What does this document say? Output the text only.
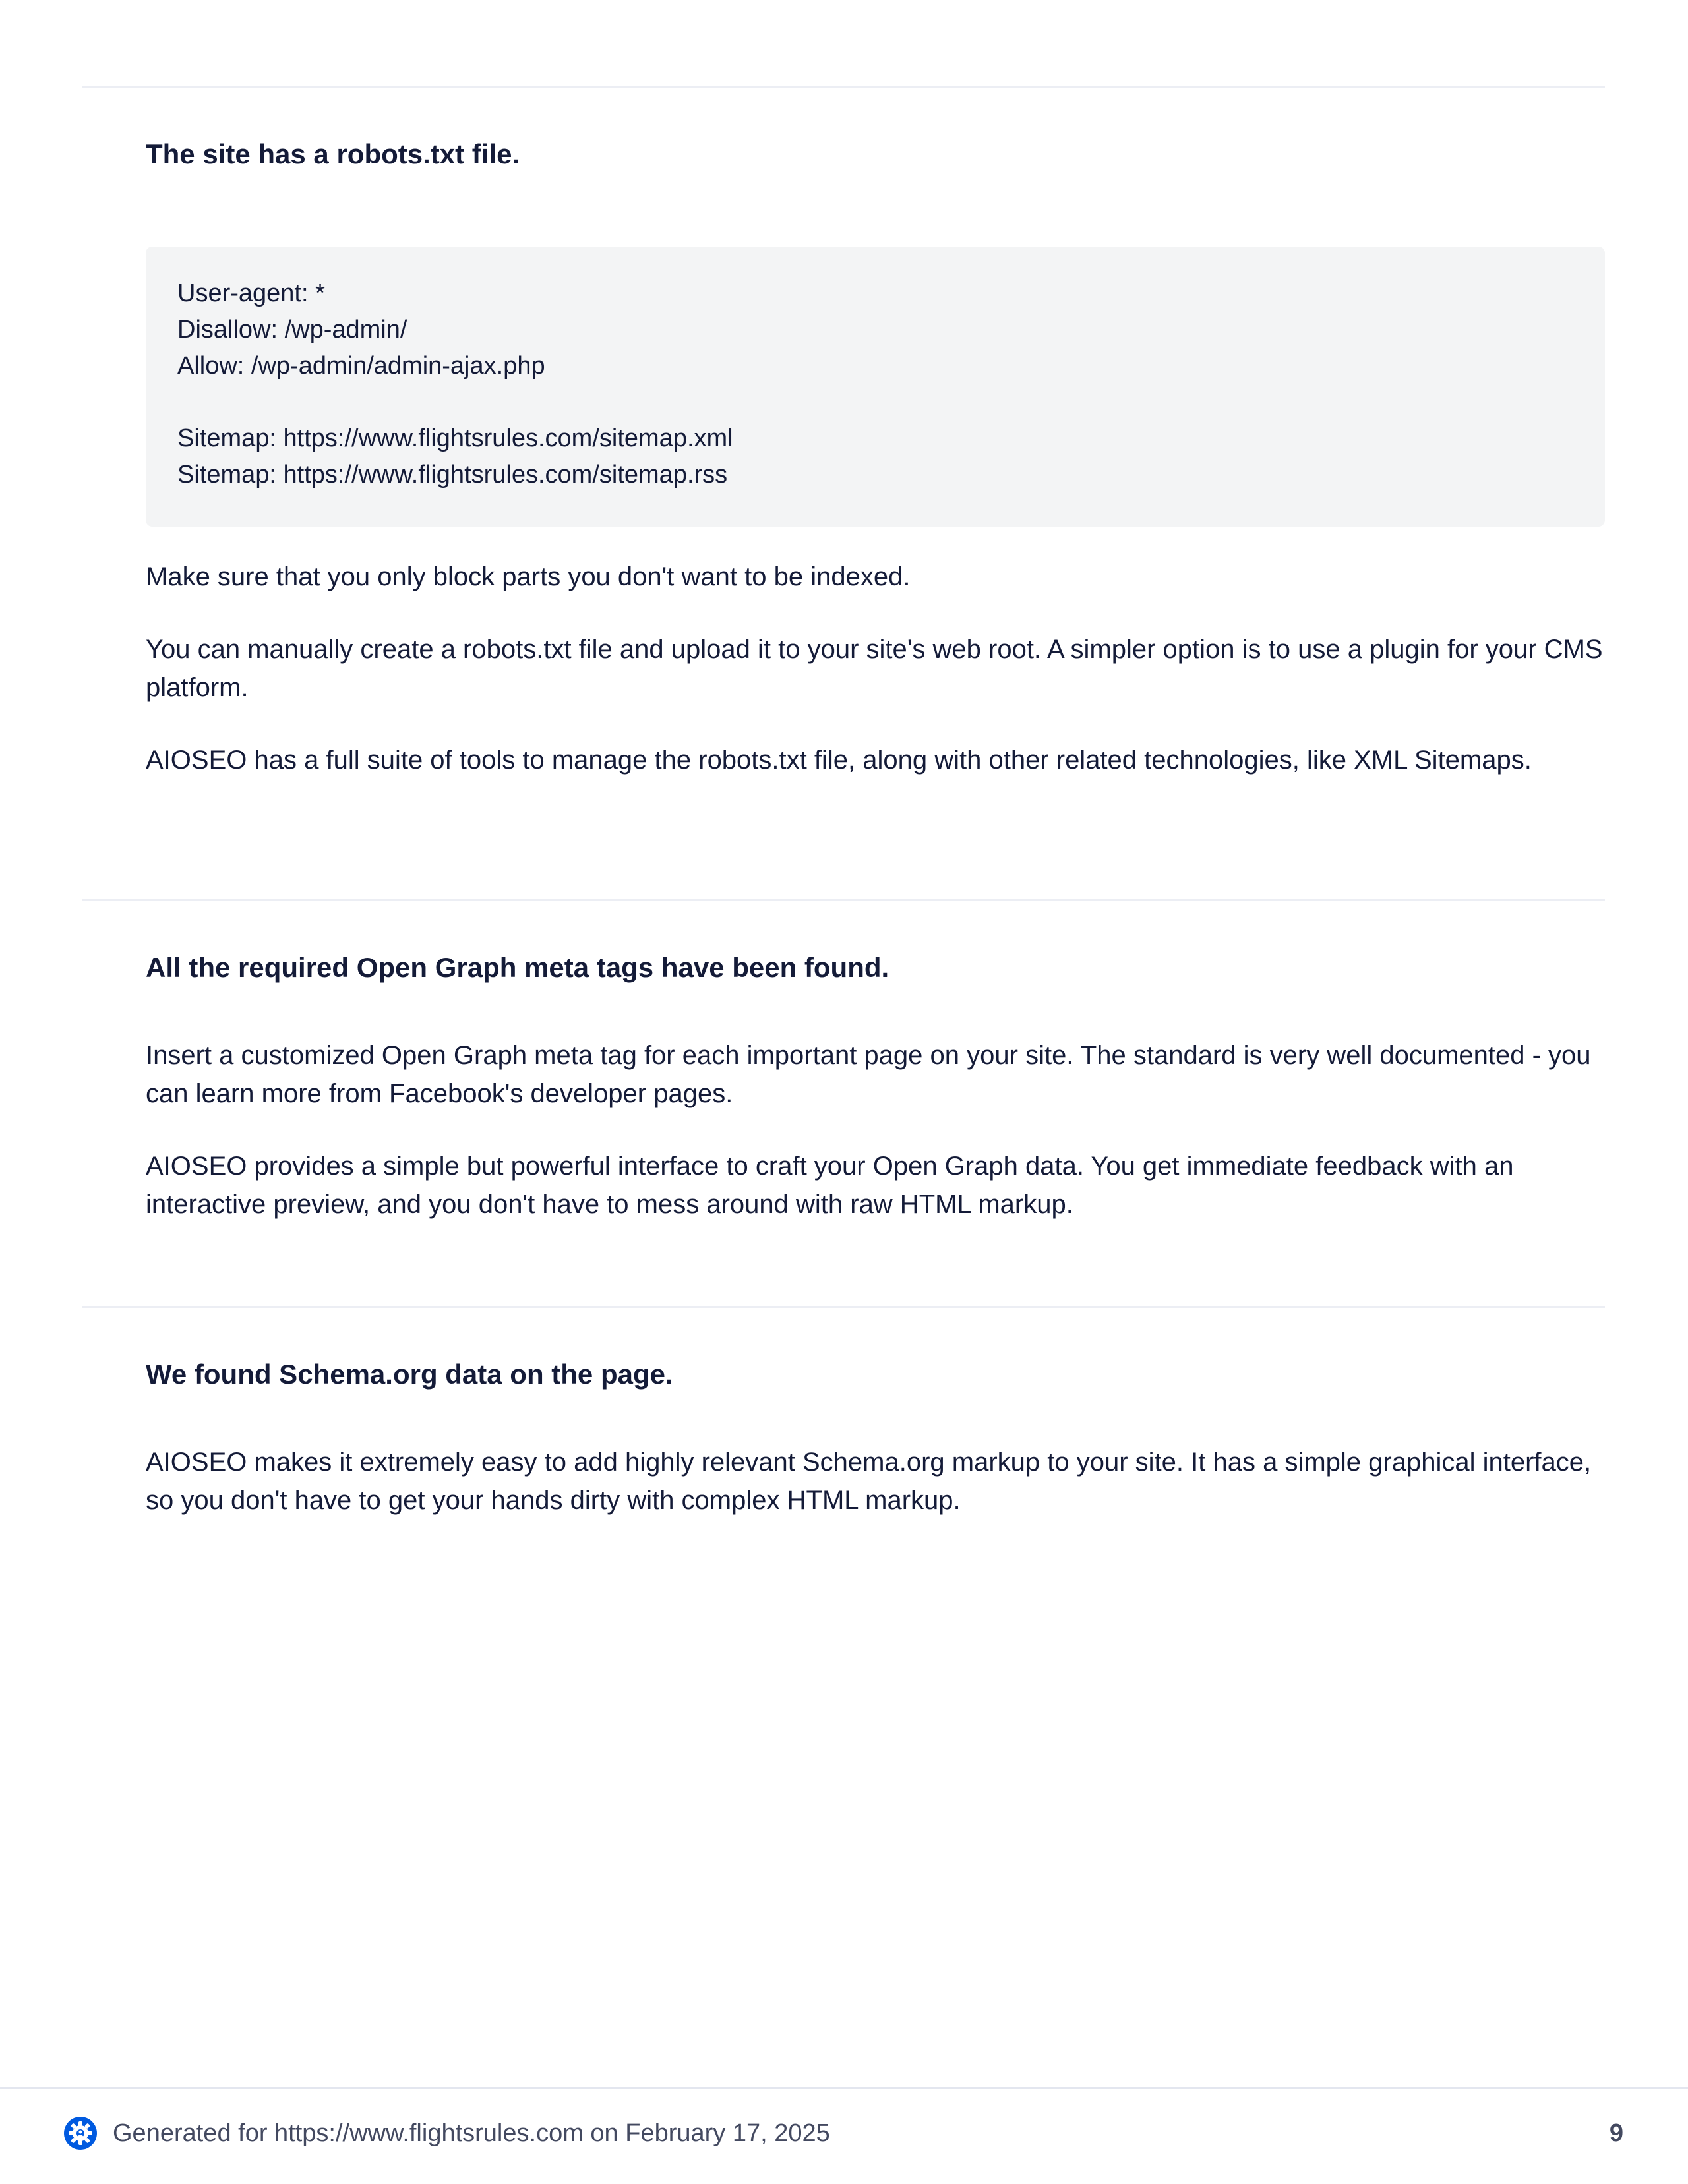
The site has a robots.txt file.
User-agent: *
Disallow: /wp-admin/
Allow: /wp-admin/admin-ajax.php
Sitemap: https://www.flightsrules.com/sitemap.xml
Sitemap: https://www.flightsrules.com/sitemap.rss

Make sure that you only block parts you don't want to be indexed.

You can manually create a robots.txt file and upload it to your site's web root. A simpler option is to use a plugin for your CMS platform.

AIOSEO has a full suite of tools to manage the robots.txt file, along with other related technologies, like XML Sitemaps.

All the required Open Graph meta tags have been found.

Insert a customized Open Graph meta tag for each important page on your site. The standard is very well documented - you can learn more from Facebook's developer pages.

AIOSEO provides a simple but powerful interface to craft your Open Graph data. You get immediate feedback with an interactive preview, and you don't have to mess around with raw HTML markup.

We found Schema.org data on the page.

AIOSEO makes it extremely easy to add highly relevant Schema.org markup to your site. It has a simple graphical interface, so you don't have to get your hands dirty with complex HTML markup.

Generated for https://www.flightsrules.com on February 17, 2025	9
